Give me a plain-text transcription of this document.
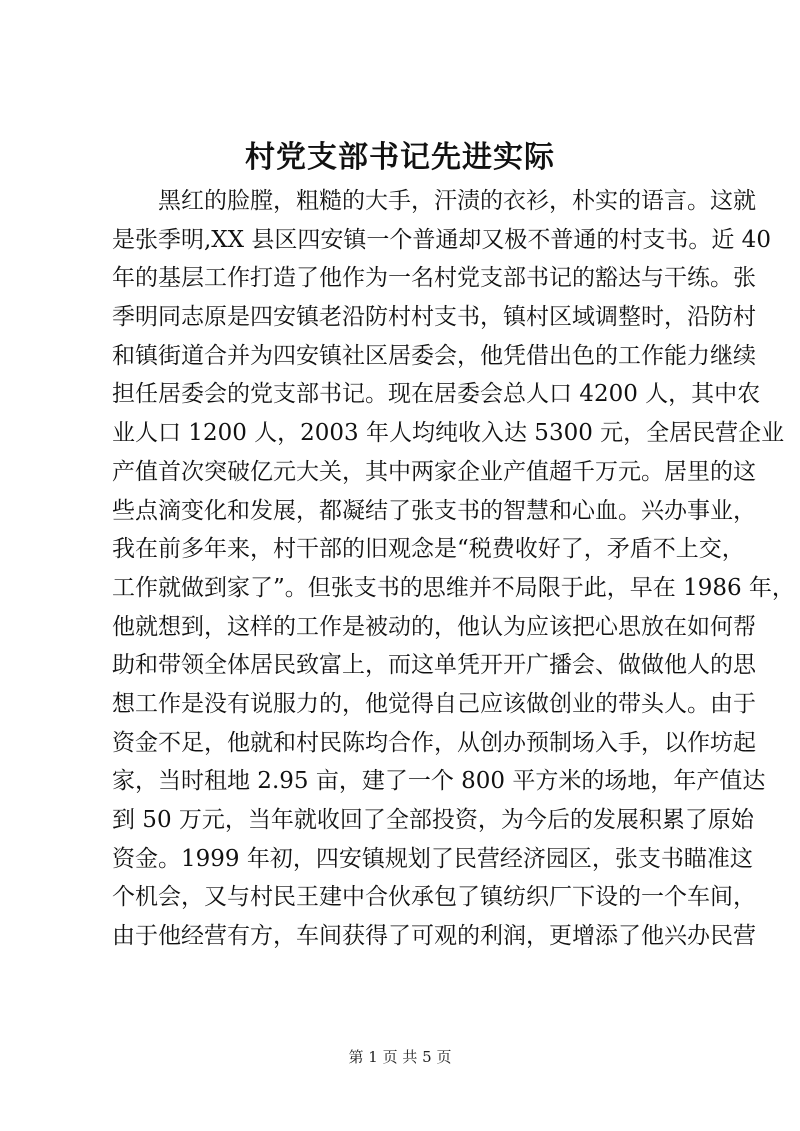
村党支部书记先进实际
黑红的脸膛，粗糙的大手，汗渍的衣衫，朴实的语言。这就
是张季明,XX 县区四安镇一个普通却又极不普通的村支书。近 40
年的基层工作打造了他作为一名村党支部书记的豁达与干练。张
季明同志原是四安镇老沿防村村支书，镇村区域调整时，沿防村
和镇街道合并为四安镇社区居委会，他凭借出色的工作能力继续
担任居委会的党支部书记。现在居委会总人口 4200 人，其中农
业人口 1200 人，2003 年人均纯收入达 5300 元，全居民营企业
产值首次突破亿元大关，其中两家企业产值超千万元。居里的这
些点滴变化和发展，都凝结了张支书的智慧和心血。兴办事业，
我在前多年来，村干部的旧观念是“税费收好了，矛盾不上交，
工作就做到家了”。但张支书的思维并不局限于此，早在 1986 年，
他就想到，这样的工作是被动的，他认为应该把心思放在如何帮
助和带领全体居民致富上，而这单凭开开广播会、做做他人的思
想工作是没有说服力的，他觉得自己应该做创业的带头人。由于
资金不足，他就和村民陈均合作，从创办预制场入手，以作坊起
家，当时租地 2.95 亩，建了一个 800 平方米的场地，年产值达
到 50 万元，当年就收回了全部投资，为今后的发展积累了原始
资金。1999 年初，四安镇规划了民营经济园区，张支书瞄准这
个机会，又与村民王建中合伙承包了镇纺织厂下设的一个车间，
由于他经营有方，车间获得了可观的利润，更增添了他兴办民营
第 1 页 共 5 页
